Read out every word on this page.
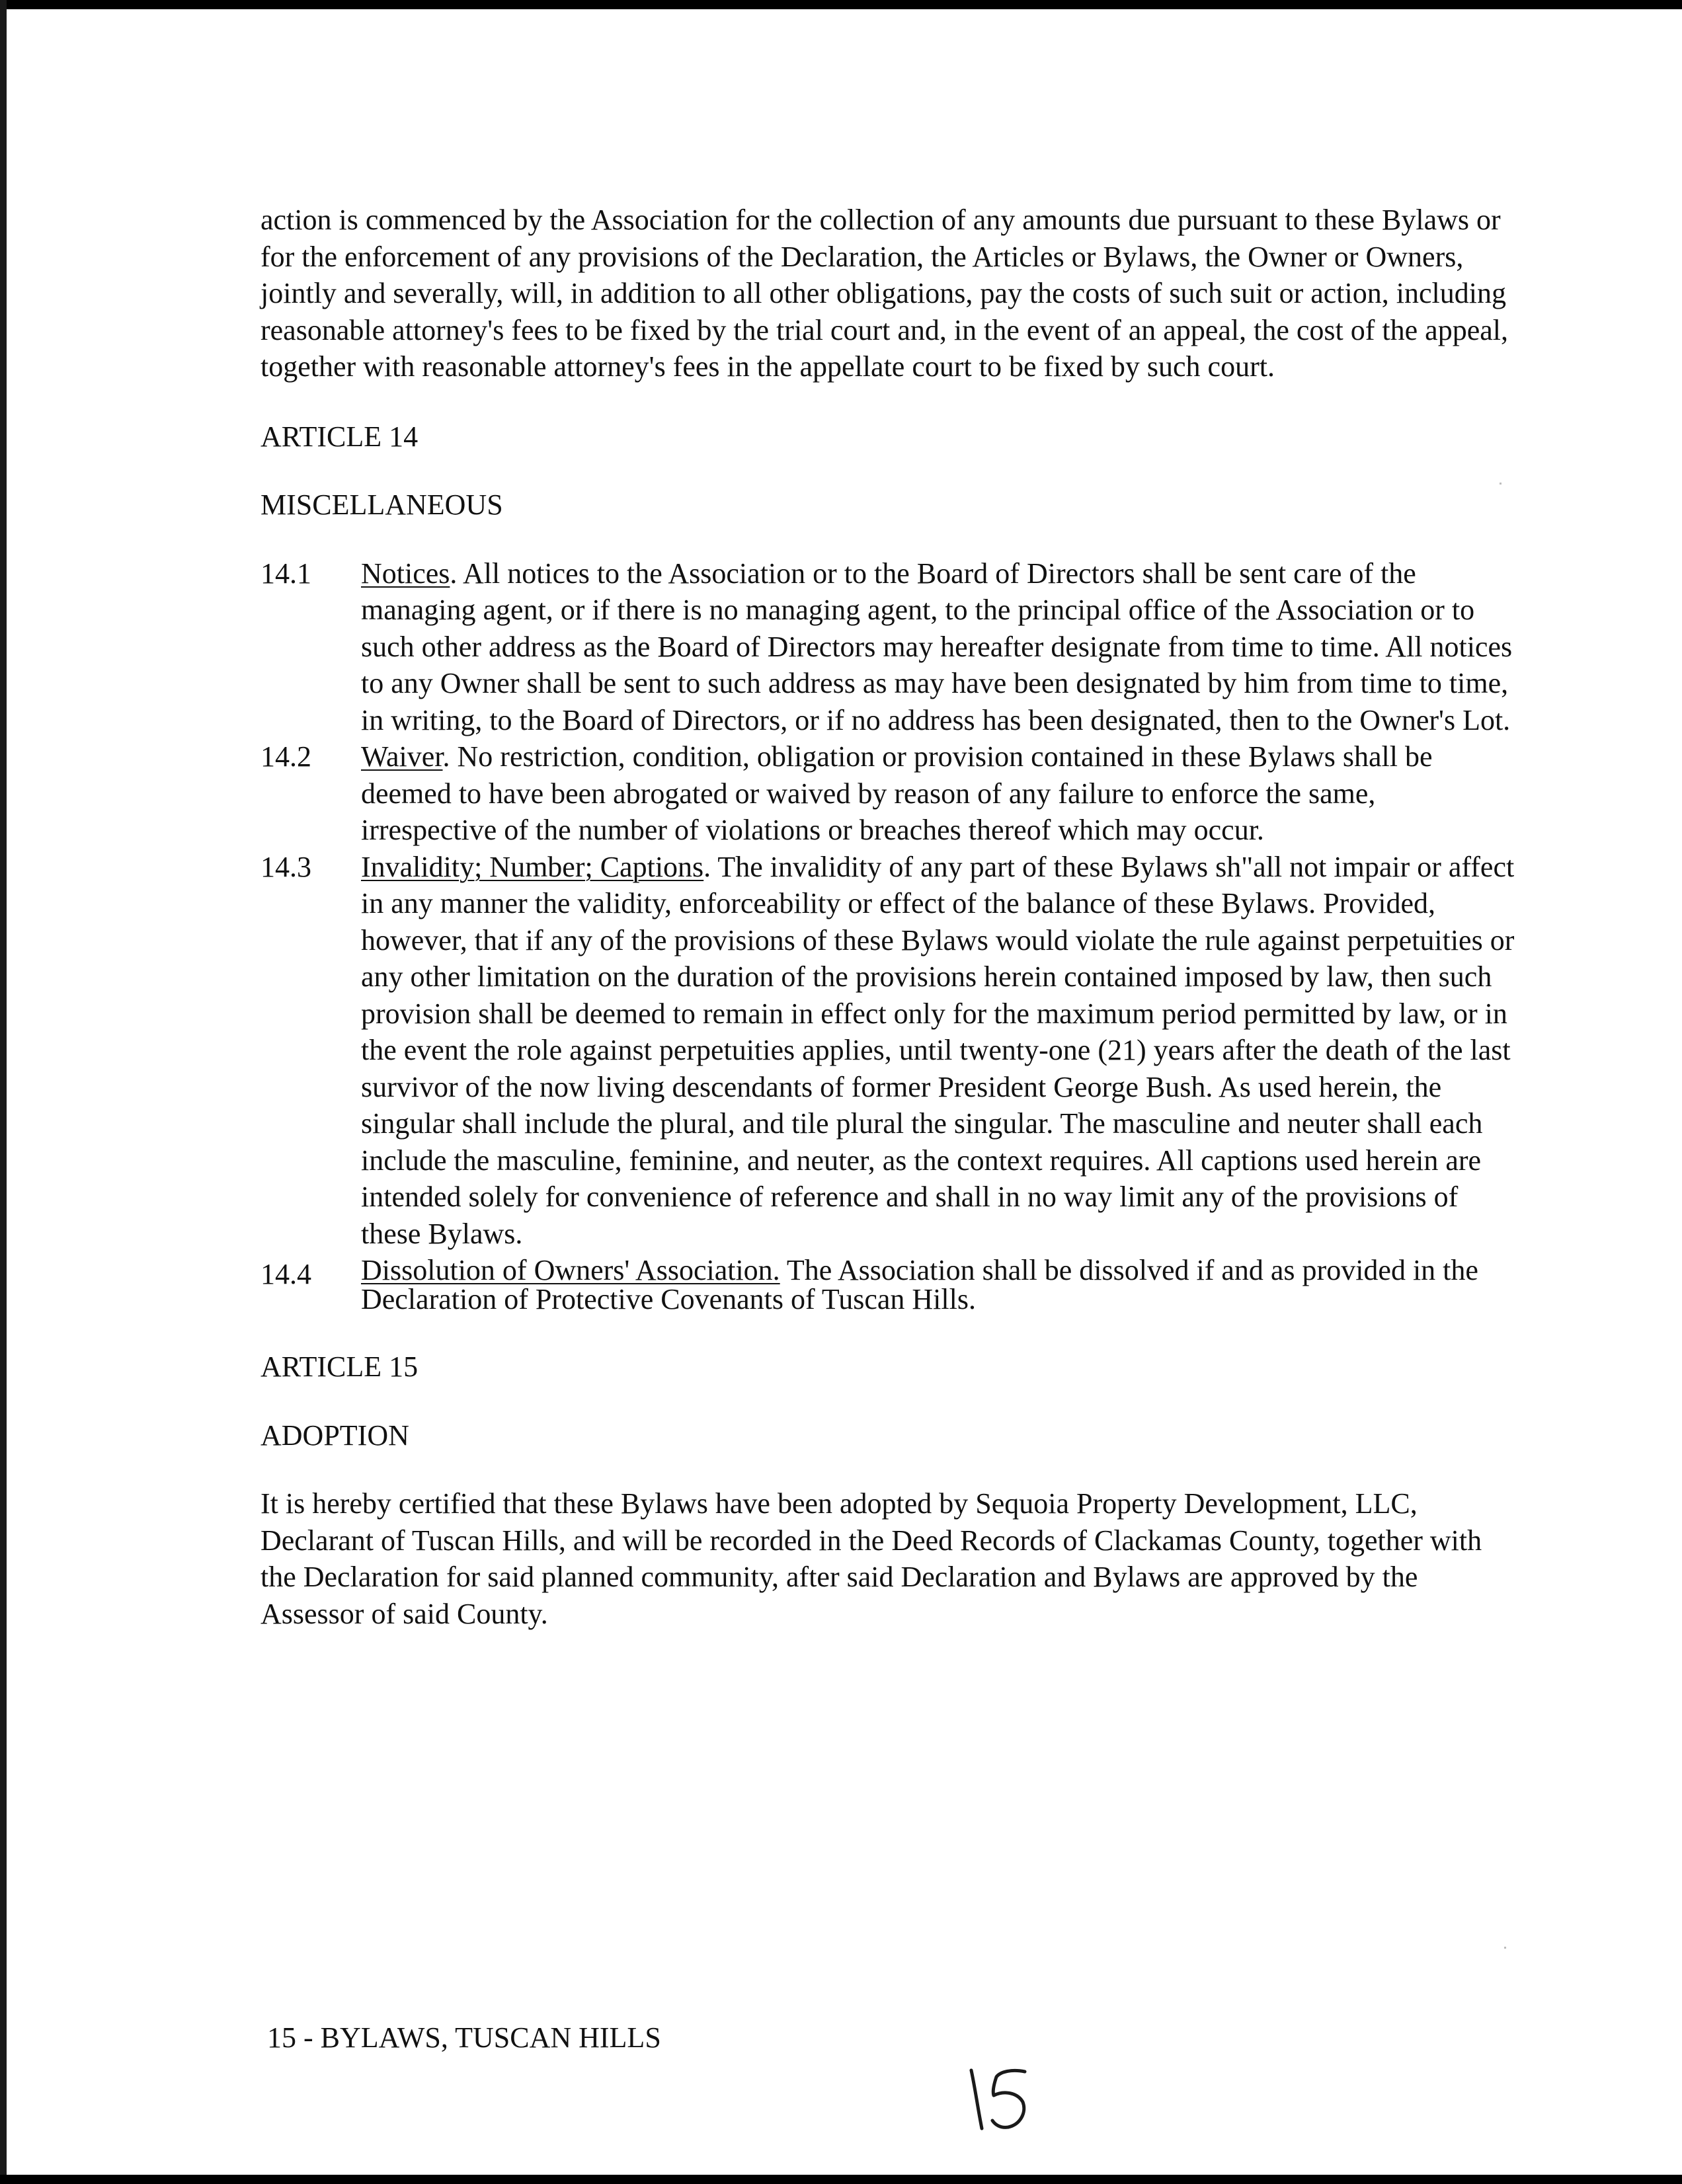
action is commenced by the Association for the collection of any amounts due pursuant to these Bylaws or for the enforcement of any provisions of the Declaration, the Articles or Bylaws, the Owner or Owners, jointly and severally, will, in addition to all other obligations, pay the costs of such suit or action, including reasonable attorney's fees to be fixed by the trial court and, in the event of an appeal, the cost of the appeal, together with reasonable attorney's fees in the appellate court to be fixed by such court.

ARTICLE 14

MISCELLANEOUS

14.1 Notices. All notices to the Association or to the Board of Directors shall be sent care of the managing agent, or if there is no managing agent, to the principal office of the Association or to such other address as the Board of Directors may hereafter designate from time to time. All notices to any Owner shall be sent to such address as may have been designated by him from time to time, in writing, to the Board of Directors, or if no address has been designated, then to the Owner's Lot.
14.2 Waiver. No restriction, condition, obligation or provision contained in these Bylaws shall be deemed to have been abrogated or waived by reason of any failure to enforce the same, irrespective of the number of violations or breaches thereof which may occur.
14.3 Invalidity; Number; Captions. The invalidity of any part of these Bylaws sh"all not impair or affect in any manner the validity, enforceability or effect of the balance of these Bylaws. Provided, however, that if any of the provisions of these Bylaws would violate the rule against perpetuities or any other limitation on the duration of the provisions herein contained imposed by law, then such provision shall be deemed to remain in effect only for the maximum period permitted by law, or in the event the role against perpetuities applies, until twenty-one (21) years after the death of the last survivor of the now living descendants of former President George Bush. As used herein, the singular shall include the plural, and tile plural the singular. The masculine and neuter shall each include the masculine, feminine, and neuter, as the context requires. All captions used herein are intended solely for convenience of reference and shall in no way limit any of the provisions of these Bylaws.
14.4 Dissolution of Owners' Association. The Association shall be dissolved if and as provided in the Declaration of Protective Covenants of Tuscan Hills.

ARTICLE 15

ADOPTION

It is hereby certified that these Bylaws have been adopted by Sequoia Property Development, LLC, Declarant of Tuscan Hills, and will be recorded in the Deed Records of Clackamas County, together with the Declaration for said planned community, after said Declaration and Bylaws are approved by the Assessor of said County.

15 - BYLAWS, TUSCAN HILLS
